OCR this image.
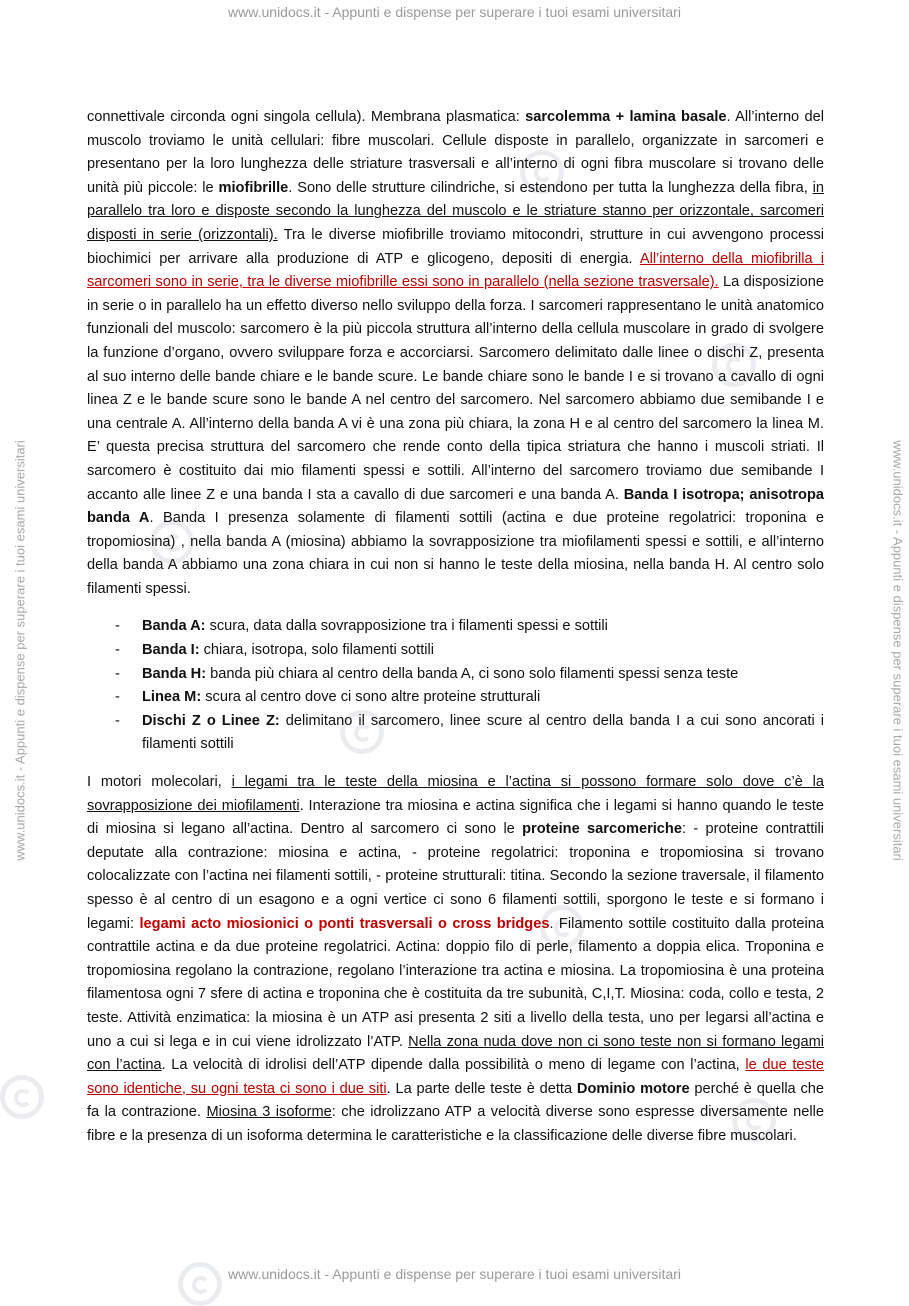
www.unidocs.it - Appunti e dispense per superare i tuoi esami universitari
www.unidocs.it - Appunti e dispense per superare i tuoi esami universitari
www.unidocs.it - Appunti e dispense per superare i tuoi esami universitari	www.unidocs.it - Appunti e dispense per superare i tuoi esami universitari

connettivale circonda ogni singola cellula). Membrana plasmatica: sarcolemma + lamina basale. All’interno del muscolo troviamo le unità cellulari: fibre muscolari. Cellule disposte in parallelo, organizzate in sarcomeri e presentano per la loro lunghezza delle striature trasversali e all’interno di ogni fibra muscolare si trovano delle unità più piccole: le miofibrille. Sono delle strutture cilindriche, si estendono per tutta la lunghezza della fibra, in parallelo tra loro e disposte secondo la lunghezza del muscolo e le striature stanno per orizzontale, sarcomeri disposti in serie (orizzontali). Tra le diverse miofibrille troviamo mitocondri, strutture in cui avvengono processi biochimici per arrivare alla produzione di ATP e glicogeno, depositi di energia. All’interno della miofibrilla i sarcomeri sono in serie, tra le diverse miofibrille essi sono in parallelo (nella sezione trasversale). La disposizione in serie o in parallelo ha un effetto diverso nello sviluppo della forza. I sarcomeri rappresentano le unità anatomico funzionali del muscolo: sarcomero è la più piccola struttura all’interno della cellula muscolare in grado di svolgere la funzione d’organo, ovvero sviluppare forza e accorciarsi. Sarcomero delimitato dalle linee o dischi Z, presenta al suo interno delle bande chiare e le bande scure. Le bande chiare sono le bande I e si trovano a cavallo di ogni linea Z e le bande scure sono le bande A nel centro del sarcomero. Nel sarcomero abbiamo due semibande I e una centrale A. All’interno della banda A vi è una zona più chiara, la zona H e al centro del sarcomero la linea M. E’ questa precisa struttura del sarcomero che rende conto della tipica striatura che hanno i muscoli striati. Il sarcomero è costituito dai mio filamenti spessi e sottili. All’interno del sarcomero troviamo due semibande I accanto alle linee Z e una banda I sta a cavallo di due sarcomeri e una banda A. Banda I isotropa; anisotropa banda A. Banda I presenza solamente di filamenti sottili (actina e due proteine regolatrici: troponina e tropomiosina) , nella banda A (miosina) abbiamo la sovrapposizione tra miofilamenti spessi e sottili, e all’interno della banda A abbiamo una zona chiara in cui non si hanno le teste della miosina, nella banda H. Al centro solo filamenti spessi.

- Banda A: scura, data dalla sovrapposizione tra i filamenti spessi e sottili
- Banda I: chiara, isotropa, solo filamenti sottili
- Banda H: banda più chiara al centro della banda A, ci sono solo filamenti spessi senza teste
- Linea M: scura al centro dove ci sono altre proteine strutturali
- Dischi Z o Linee Z: delimitano il sarcomero, linee scure al centro della banda I a cui sono ancorati i filamenti sottili

I motori molecolari, i legami tra le teste della miosina e l’actina si possono formare solo dove c’è la sovrapposizione dei miofilamenti. Interazione tra miosina e actina significa che i legami si hanno quando le teste di miosina si legano all’actina. Dentro al sarcomero ci sono le proteine sarcomeriche: - proteine contrattili deputate alla contrazione: miosina e actina, - proteine regolatrici: troponina e tropomiosina si trovano colocalizzate con l’actina nei filamenti sottili, - proteine strutturali: titina. Secondo la sezione traversale, il filamento spesso è al centro di un esagono e a ogni vertice ci sono 6 filamenti sottili, sporgono le teste e si formano i legami: legami acto miosionici o ponti trasversali o cross bridges. Filamento sottile costituito dalla proteina contrattile actina e da due proteine regolatrici. Actina: doppio filo di perle, filamento a doppia elica. Troponina e tropomiosina regolano la contrazione, regolano l’interazione tra actina e miosina. La tropomiosina è una proteina filamentosa ogni 7 sfere di actina e troponina che è costituita da tre subunità, C,I,T. Miosina: coda, collo e testa, 2 teste. Attività enzimatica: la miosina è un ATP asi presenta 2 siti a livello della testa, uno per legarsi all’actina e uno a cui si lega e in cui viene idrolizzato l’ATP. Nella zona nuda dove non ci sono teste non si formano legami con l’actina. La velocità di idrolisi dell’ATP dipende dalla possibilità o meno di legame con l’actina, le due teste sono identiche, su ogni testa ci sono i due siti. La parte delle teste è detta Dominio motore perché è quella che fa la contrazione. Miosina 3 isoforme: che idrolizzano ATP a velocità diverse sono espresse diversamente nelle fibre e la presenza di un isoforma determina le caratteristiche e la classificazione delle diverse fibre muscolari.
